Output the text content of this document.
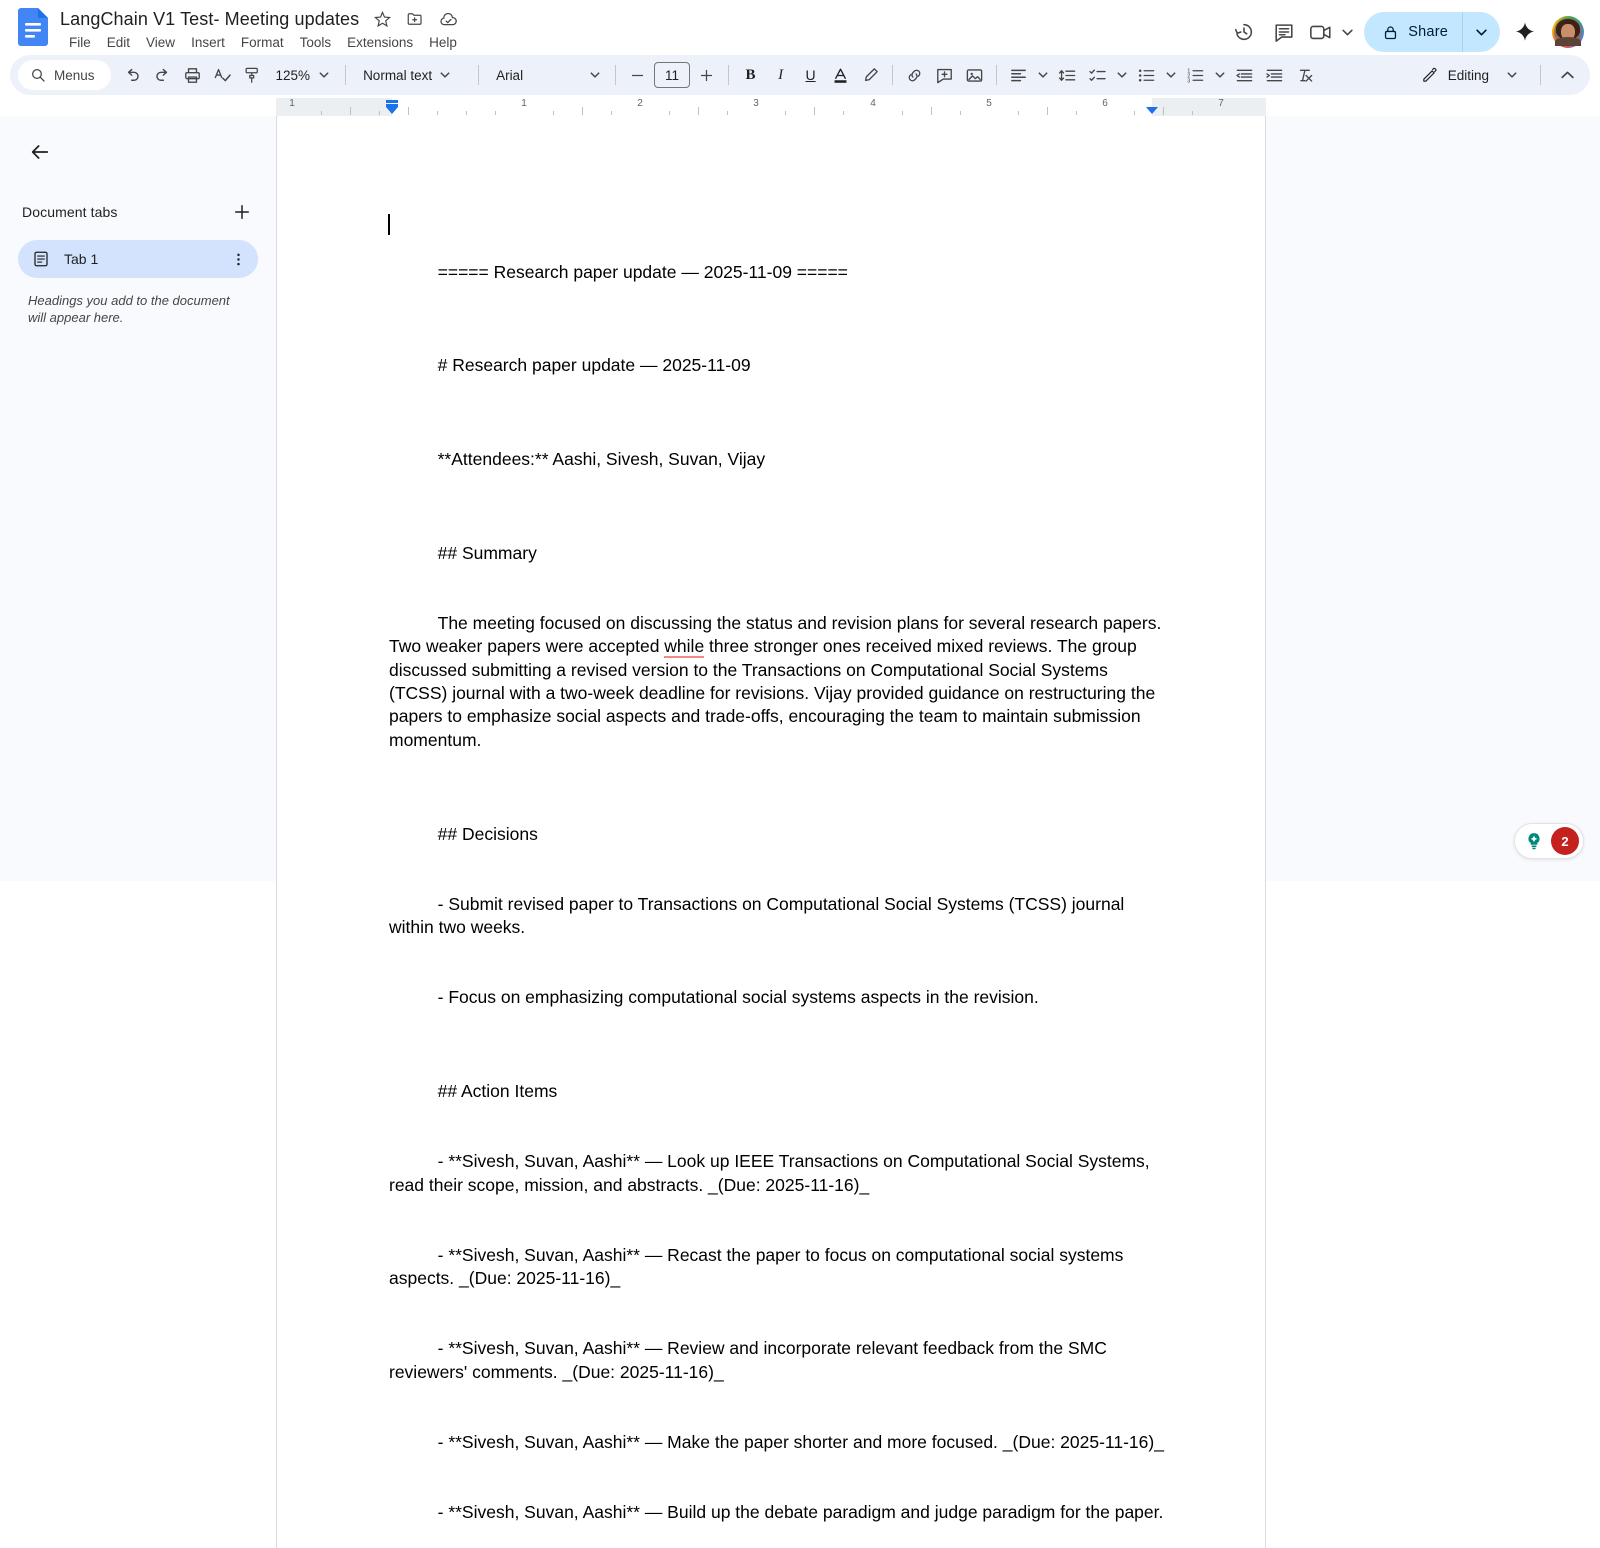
LangChain V1 Test- Meeting updates
File	Edit	View	Insert	Format	Tools	Extensions	Help
Share
Menus	125%	Normal text	Arial	11	B I U	1
2
3	Editing
1	1	2	3	4	5	6	7
Document tabs
Tab 1
Headings you add to the document will appear here.

===== Research paper update — 2025-11-09 =====

# Research paper update — 2025-11-09

**Attendees:** Aashi, Sivesh, Suvan, Vijay

## Summary

The meeting focused on discussing the status and revision plans for several research papers. Two weaker papers were accepted while three stronger ones received mixed reviews. The group discussed submitting a revised version to the Transactions on Computational Social Systems (TCSS) journal with a two-week deadline for revisions. Vijay provided guidance on restructuring the papers to emphasize social aspects and trade-offs, encouraging the team to maintain submission momentum.

## Decisions

- Submit revised paper to Transactions on Computational Social Systems (TCSS) journal within two weeks.

- Focus on emphasizing computational social systems aspects in the revision.

## Action Items

- **Sivesh, Suvan, Aashi** — Look up IEEE Transactions on Computational Social Systems, read their scope, mission, and abstracts. _(Due: 2025-11-16)_

- **Sivesh, Suvan, Aashi** — Recast the paper to focus on computational social systems aspects. _(Due: 2025-11-16)_

- **Sivesh, Suvan, Aashi** — Review and incorporate relevant feedback from the SMC reviewers' comments. _(Due: 2025-11-16)_

- **Sivesh, Suvan, Aashi** — Make the paper shorter and more focused. _(Due: 2025-11-16)_

- **Sivesh, Suvan, Aashi** — Build up the debate paradigm and judge paradigm for the paper.

2
